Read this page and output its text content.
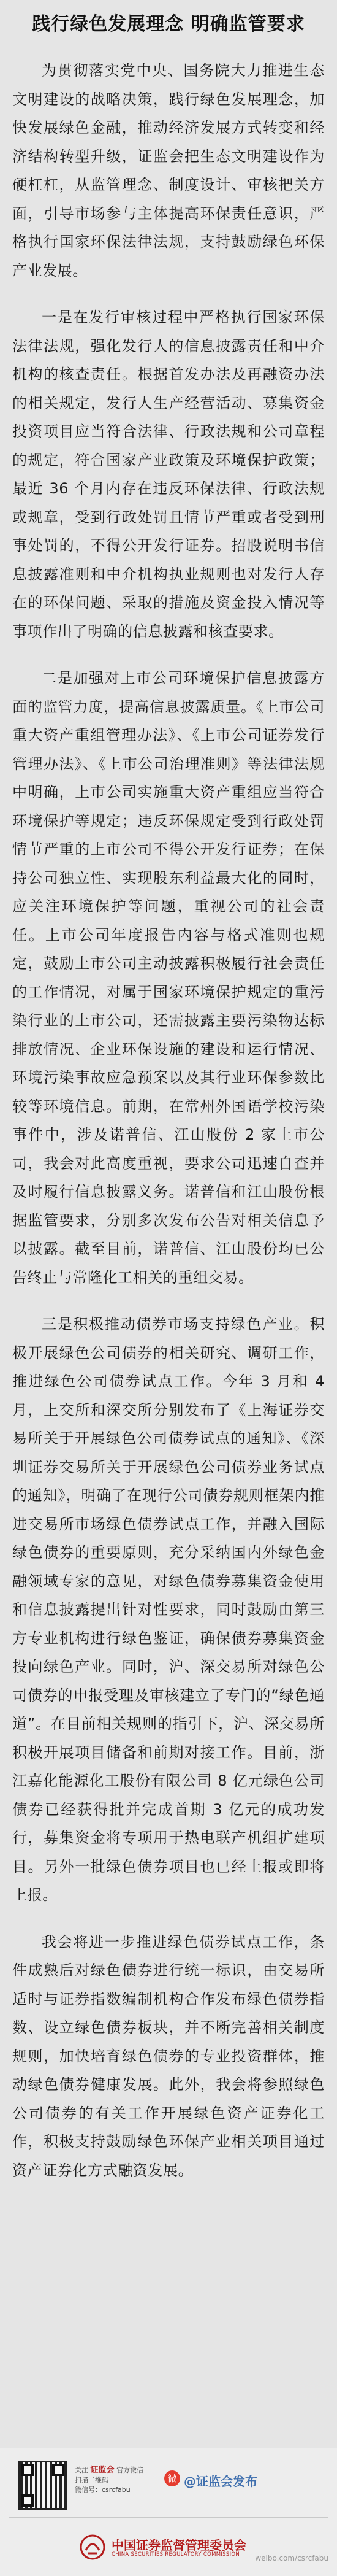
践行绿色发展理念 明确监管要求

为贯彻落实党中央、国务院大力推进生态文明建设的战略决策，践行绿色发展理念，加快发展绿色金融，推动经济发展方式转变和经济结构转型升级，证监会把生态文明建设作为硬杠杠，从监管理念、制度设计、审核把关方面，引导市场参与主体提高环保责任意识，严格执行国家环保法律法规，支持鼓励绿色环保产业发展。

一是在发行审核过程中严格执行国家环保法律法规，强化发行人的信息披露责任和中介机构的核查责任。根据首发办法及再融资办法的相关规定，发行人生产经营活动、募集资金投资项目应当符合法律、行政法规和公司章程的规定，符合国家产业政策及环境保护政策；最近 36 个月内存在违反环保法律、行政法规或规章，受到行政处罚且情节严重或者受到刑事处罚的，不得公开发行证券。招股说明书信息披露准则和中介机构执业规则也对发行人存在的环保问题、采取的措施及资金投入情况等事项作出了明确的信息披露和核查要求。

二是加强对上市公司环境保护信息披露方面的监管力度，提高信息披露质量。《上市公司重大资产重组管理办法》、《上市公司证券发行管理办法》、《上市公司治理准则》等法律法规中明确，上市公司实施重大资产重组应当符合环境保护等规定；违反环保规定受到行政处罚情节严重的上市公司不得公开发行证券；在保持公司独立性、实现股东利益最大化的同时，应关注环境保护等问题，重视公司的社会责任。上市公司年度报告内容与格式准则也规定，鼓励上市公司主动披露积极履行社会责任的工作情况，对属于国家环境保护规定的重污染行业的上市公司，还需披露主要污染物达标排放情况、企业环保设施的建设和运行情况、环境污染事故应急预案以及其行业环保参数比较等环境信息。前期，在常州外国语学校污染事件中，涉及诺普信、江山股份 2 家上市公司，我会对此高度重视，要求公司迅速自查并及时履行信息披露义务。诺普信和江山股份根据监管要求，分别多次发布公告对相关信息予以披露。截至目前，诺普信、江山股份均已公告终止与常隆化工相关的重组交易。

三是积极推动债券市场支持绿色产业。积极开展绿色公司债券的相关研究、调研工作，推进绿色公司债券试点工作。今年 3 月和 4 月，上交所和深交所分别发布了《上海证券交易所关于开展绿色公司债券试点的通知》、《深圳证券交易所关于开展绿色公司债券业务试点的通知》，明确了在现行公司债券规则框架内推进交易所市场绿色债券试点工作，并融入国际绿色债券的重要原则，充分采纳国内外绿色金融领域专家的意见，对绿色债券募集资金使用和信息披露提出针对性要求，同时鼓励由第三方专业机构进行绿色鉴证，确保债券募集资金投向绿色产业。同时，沪、深交易所对绿色公司债券的申报受理及审核建立了专门的“绿色通道”。在目前相关规则的指引下，沪、深交易所积极开展项目储备和前期对接工作。目前，浙江嘉化能源化工股份有限公司 8 亿元绿色公司债券已经获得批并完成首期 3 亿元的成功发行，募集资金将专项用于热电联产机组扩建项目。另外一批绿色债券项目也已经上报或即将上报。

我会将进一步推进绿色债券试点工作，条件成熟后对绿色债券进行统一标识，由交易所适时与证券指数编制机构合作发布绿色债券指数、设立绿色债券板块，并不断完善相关制度规则，加快培育绿色债券的专业投资群体，推动绿色债券健康发展。此外，我会将参照绿色公司债券的有关工作开展绿色资产证券化工作，积极支持鼓励绿色环保产业相关项目通过资产证券化方式融资发展。

关注 证监会 官方微信
扫描二维码
微信号：csrcfabu
微 @证监会发布
中国证券监督管理委员会
CHINA SECURITIES REGULATORY COMMISSION weibo.com/csrcfabu
